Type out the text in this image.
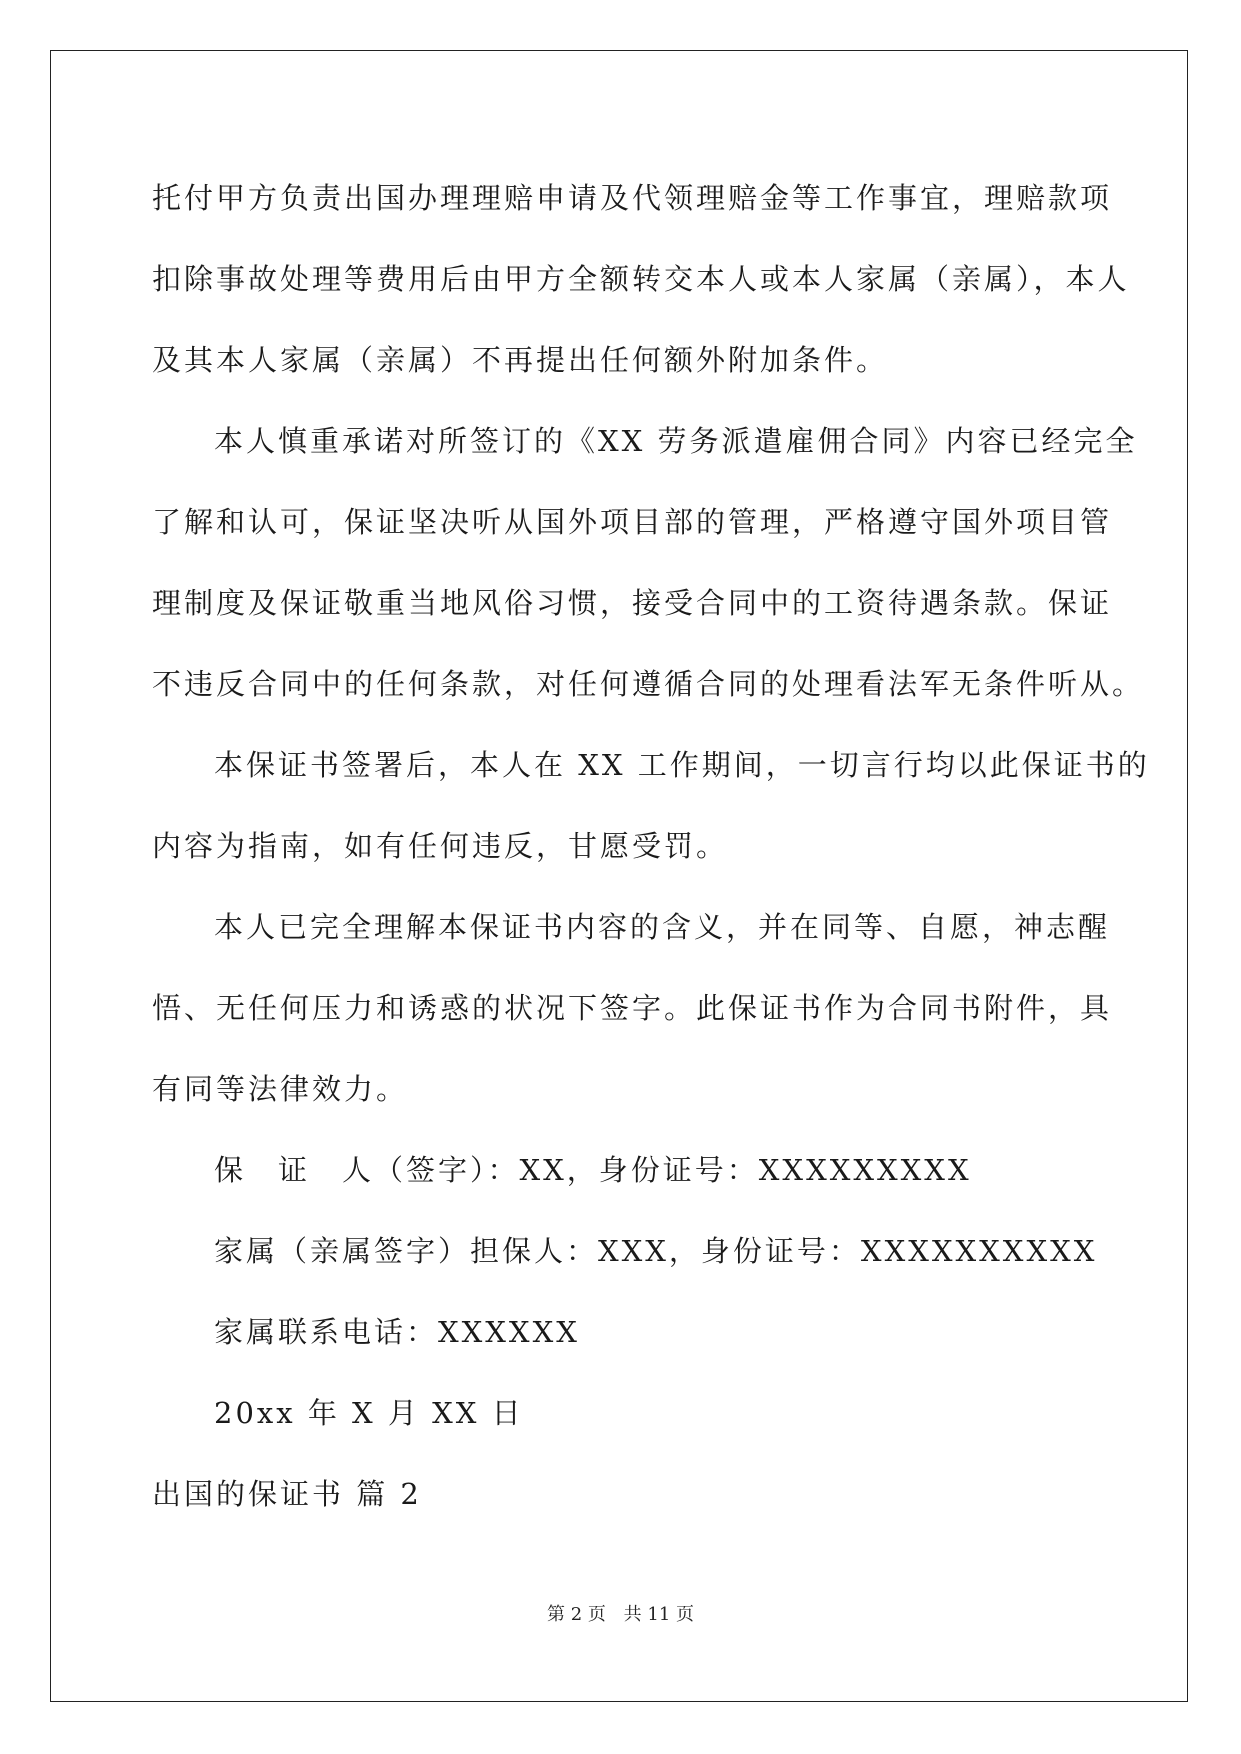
托付甲方负责出国办理理赔申请及代领理赔金等工作事宜，理赔款项
扣除事故处理等费用后由甲方全额转交本人或本人家属（亲属），本人
及其本人家属（亲属）不再提出任何额外附加条件。
本人慎重承诺对所签订的《XX 劳务派遣雇佣合同》内容已经完全
了解和认可，保证坚决听从国外项目部的管理，严格遵守国外项目管
理制度及保证敬重当地风俗习惯，接受合同中的工资待遇条款。保证
不违反合同中的任何条款，对任何遵循合同的处理看法军无条件听从。
本保证书签署后，本人在 XX 工作期间，一切言行均以此保证书的
内容为指南，如有任何违反，甘愿受罚。
本人已完全理解本保证书内容的含义，并在同等、自愿，神志醒
悟、无任何压力和诱惑的状况下签字。此保证书作为合同书附件，具
有同等法律效力。
保　证　人（签字）：XX，身份证号：XXXXXXXXX
家属（亲属签字）担保人：XXX，身份证号：XXXXXXXXXX
家属联系电话：XXXXXX
20xx 年 X 月 XX 日
出国的保证书 篇 2
第 2 页 共 11 页
